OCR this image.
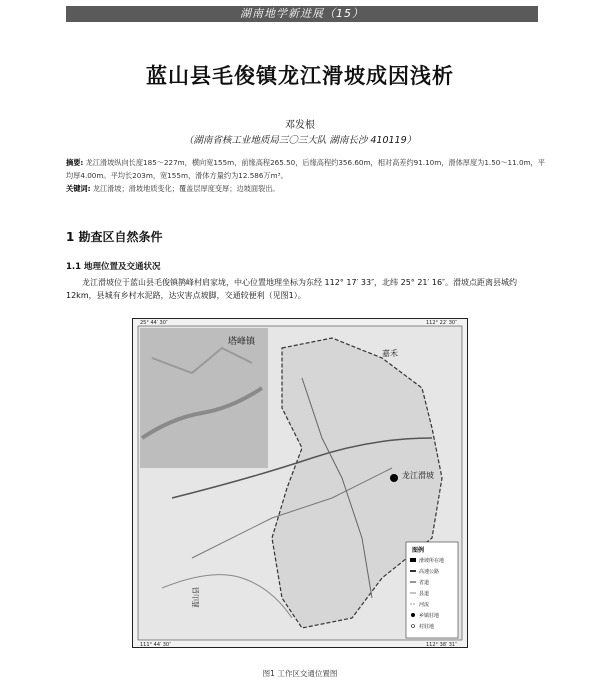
湖南地学新进展（15）
蓝山县毛俊镇龙江滑坡成因浅析
邓发根
（湖南省核工业地质局三〇三大队 湖南长沙 410119）
摘要: 龙江滑坡纵向长度185～227m，横向宽155m，前缘高程265.50，后缘高程约356.60m，相对高差约91.10m，滑体厚度为1.50～11.0m，平均厚4.00m。平均长203m，宽155m，滑体方量约为12.586万m³。
关键词: 龙江滑坡；滑坡地质变化；覆盖层厚度变厚；边坡面裂出。
1 勘查区自然条件
1.1 地理位置及交通状况
龙江滑坡位于蓝山县毛俊镇鹊峰村肩家垅，中心位置地理坐标为东经 112° 17′ 33″，北纬 25° 21′ 16″。滑坡点距离县城约 12km，县城有乡村水泥路，达灾害点坡脚，交通较便利（见图1）。
塔峰镇
嘉禾
龙江滑坡
蓝山县
25° 44′ 30″	112° 22′ 30″
111° 44′ 30″	112° 38′ 31″
图例
滑坡所在地
高速公路
省道
县道
河流
乡镇驻地
村驻地
图1 工作区交通位置图
